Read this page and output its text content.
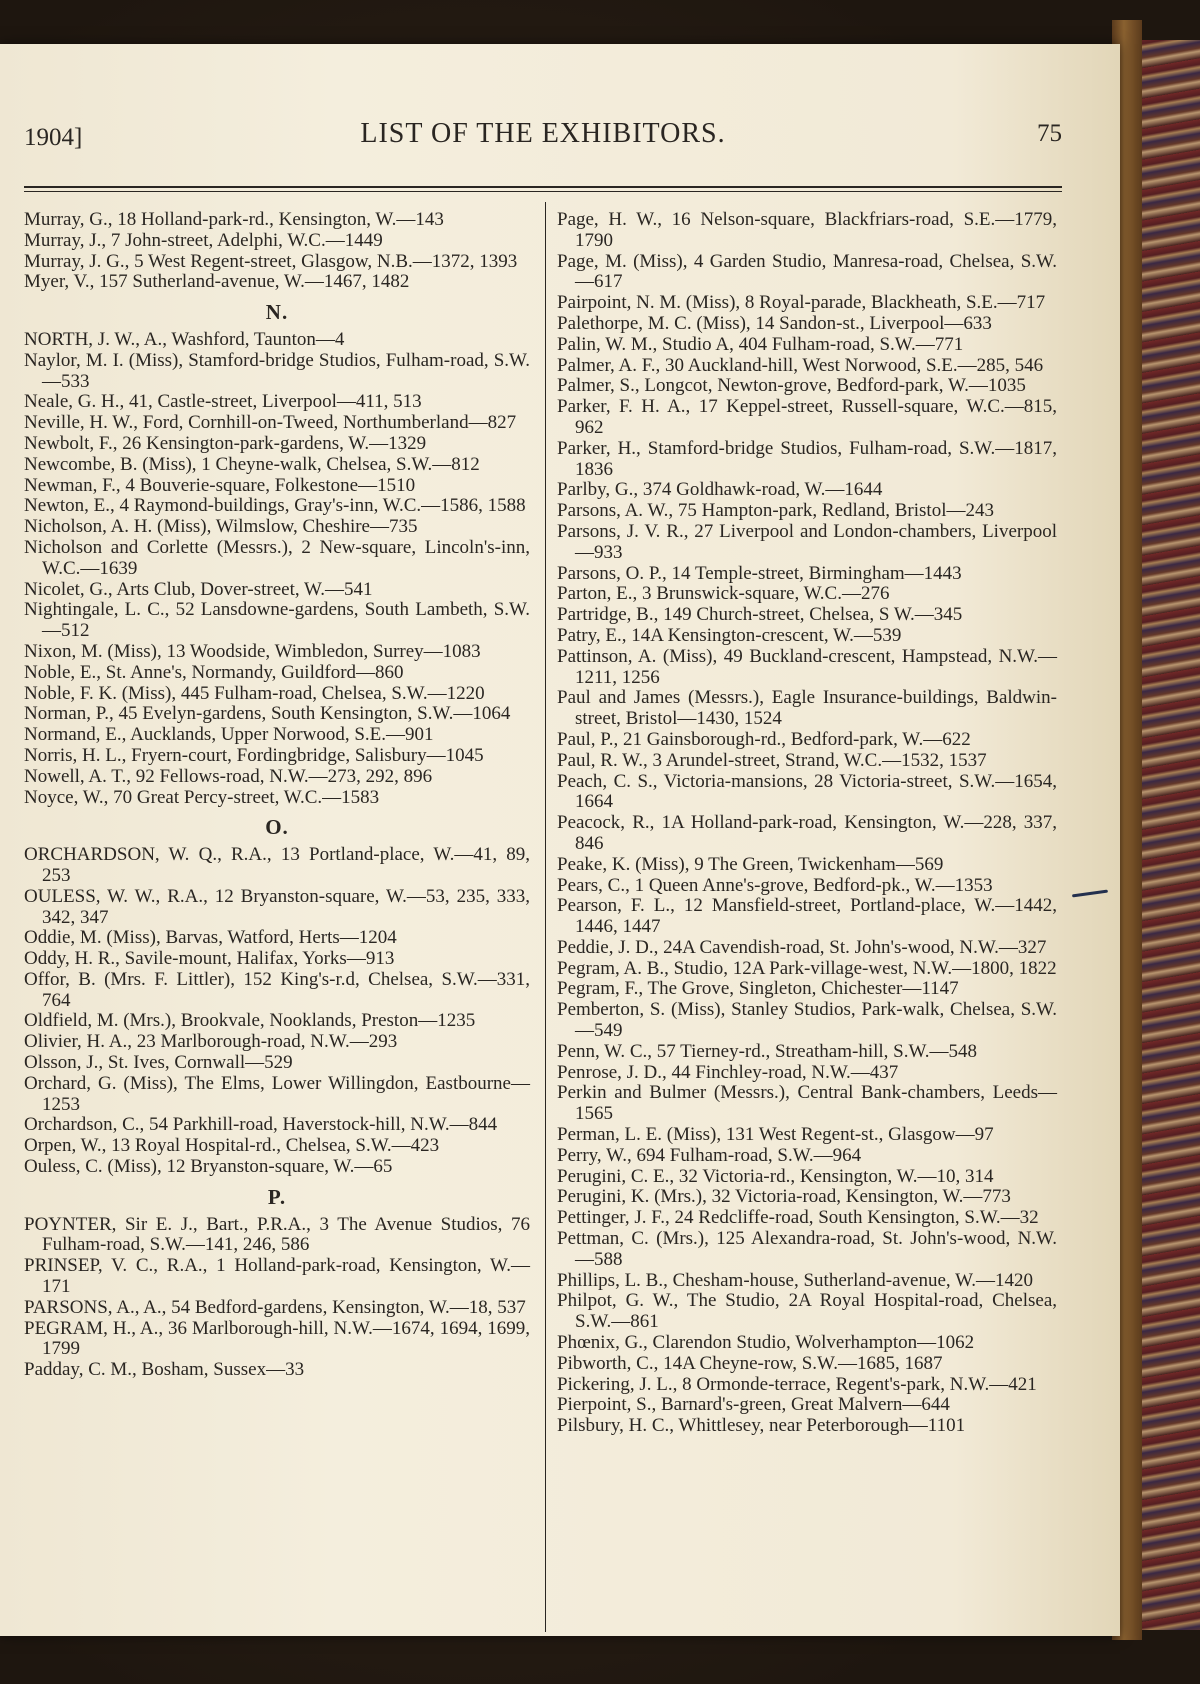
1904]	LIST OF THE EXHIBITORS.	75
Murray, G., 18 Holland-park-rd., Kensington, W.—143
Murray, J., 7 John-street, Adelphi, W.C.—1449
Murray, J. G., 5 West Regent-street, Glasgow, N.B.—1372, 1393
Myer, V., 157 Sutherland-avenue, W.—1467, 1482
N.
NORTH, J. W., A., Washford, Taunton—4
Naylor, M. I. (Miss), Stamford-bridge Studios, Fulham-road, S.W.—533
Neale, G. H., 41, Castle-street, Liverpool—411, 513
Neville, H. W., Ford, Cornhill-on-Tweed, Northumberland—827
Newbolt, F., 26 Kensington-park-gardens, W.—1329
Newcombe, B. (Miss), 1 Cheyne-walk, Chelsea, S.W.—812
Newman, F., 4 Bouverie-square, Folkestone—1510
Newton, E., 4 Raymond-buildings, Gray's-inn, W.C.—1586, 1588
Nicholson, A. H. (Miss), Wilmslow, Cheshire—735
Nicholson and Corlette (Messrs.), 2 New-square, Lincoln's-inn, W.C.—1639
Nicolet, G., Arts Club, Dover-street, W.—541
Nightingale, L. C., 52 Lansdowne-gardens, South Lambeth, S.W.—512
Nixon, M. (Miss), 13 Woodside, Wimbledon, Surrey—1083
Noble, E., St. Anne's, Normandy, Guildford—860
Noble, F. K. (Miss), 445 Fulham-road, Chelsea, S.W.—1220
Norman, P., 45 Evelyn-gardens, South Kensington, S.W.—1064
Normand, E., Aucklands, Upper Norwood, S.E.—901
Norris, H. L., Fryern-court, Fordingbridge, Salisbury—1045
Nowell, A. T., 92 Fellows-road, N.W.—273, 292, 896
Noyce, W., 70 Great Percy-street, W.C.—1583
O.
ORCHARDSON, W. Q., R.A., 13 Portland-place, W.—41, 89, 253
OULESS, W. W., R.A., 12 Bryanston-square, W.—53, 235, 333, 342, 347
Oddie, M. (Miss), Barvas, Watford, Herts—1204
Oddy, H. R., Savile-mount, Halifax, Yorks—913
Offor, B. (Mrs. F. Littler), 152 King's-r.d, Chelsea, S.W.—331, 764
Oldfield, M. (Mrs.), Brookvale, Nooklands, Preston—1235
Olivier, H. A., 23 Marlborough-road, N.W.—293
Olsson, J., St. Ives, Cornwall—529
Orchard, G. (Miss), The Elms, Lower Willingdon, Eastbourne—1253
Orchardson, C., 54 Parkhill-road, Haverstock-hill, N.W.—844
Orpen, W., 13 Royal Hospital-rd., Chelsea, S.W.—423
Ouless, C. (Miss), 12 Bryanston-square, W.—65
P.
POYNTER, Sir E. J., Bart., P.R.A., 3 The Avenue Studios, 76 Fulham-road, S.W.—141, 246, 586
PRINSEP, V. C., R.A., 1 Holland-park-road, Kensington, W.—171
PARSONS, A., A., 54 Bedford-gardens, Kensington, W.—18, 537
PEGRAM, H., A., 36 Marlborough-hill, N.W.—1674, 1694, 1699, 1799
Padday, C. M., Bosham, Sussex—33
Page, H. W., 16 Nelson-square, Blackfriars-road, S.E.—1779, 1790
Page, M. (Miss), 4 Garden Studio, Manresa-road, Chelsea, S.W.—617
Pairpoint, N. M. (Miss), 8 Royal-parade, Blackheath, S.E.—717
Palethorpe, M. C. (Miss), 14 Sandon-st., Liverpool—633
Palin, W. M., Studio A, 404 Fulham-road, S.W.—771
Palmer, A. F., 30 Auckland-hill, West Norwood, S.E.—285, 546
Palmer, S., Longcot, Newton-grove, Bedford-park, W.—1035
Parker, F. H. A., 17 Keppel-street, Russell-square, W.C.—815, 962
Parker, H., Stamford-bridge Studios, Fulham-road, S.W.—1817, 1836
Parlby, G., 374 Goldhawk-road, W.—1644
Parsons, A. W., 75 Hampton-park, Redland, Bristol—243
Parsons, J. V. R., 27 Liverpool and London-chambers, Liverpool—933
Parsons, O. P., 14 Temple-street, Birmingham—1443
Parton, E., 3 Brunswick-square, W.C.—276
Partridge, B., 149 Church-street, Chelsea, S W.—345
Patry, E., 14A Kensington-crescent, W.—539
Pattinson, A. (Miss), 49 Buckland-crescent, Hampstead, N.W.—1211, 1256
Paul and James (Messrs.), Eagle Insurance-buildings, Baldwin-street, Bristol—1430, 1524
Paul, P., 21 Gainsborough-rd., Bedford-park, W.—622
Paul, R. W., 3 Arundel-street, Strand, W.C.—1532, 1537
Peach, C. S., Victoria-mansions, 28 Victoria-street, S.W.—1654, 1664
Peacock, R., 1A Holland-park-road, Kensington, W.—228, 337, 846
Peake, K. (Miss), 9 The Green, Twickenham—569
Pears, C., 1 Queen Anne's-grove, Bedford-pk., W.—1353
Pearson, F. L., 12 Mansfield-street, Portland-place, W.—1442, 1446, 1447
Peddie, J. D., 24A Cavendish-road, St. John's-wood, N.W.—327
Pegram, A. B., Studio, 12A Park-village-west, N.W.—1800, 1822
Pegram, F., The Grove, Singleton, Chichester—1147
Pemberton, S. (Miss), Stanley Studios, Park-walk, Chelsea, S.W.—549
Penn, W. C., 57 Tierney-rd., Streatham-hill, S.W.—548
Penrose, J. D., 44 Finchley-road, N.W.—437
Perkin and Bulmer (Messrs.), Central Bank-chambers, Leeds—1565
Perman, L. E. (Miss), 131 West Regent-st., Glasgow—97
Perry, W., 694 Fulham-road, S.W.—964
Perugini, C. E., 32 Victoria-rd., Kensington, W.—10, 314
Perugini, K. (Mrs.), 32 Victoria-road, Kensington, W.—773
Pettinger, J. F., 24 Redcliffe-road, South Kensington, S.W.—32
Pettman, C. (Mrs.), 125 Alexandra-road, St. John's-wood, N.W.—588
Phillips, L. B., Chesham-house, Sutherland-avenue, W.—1420
Philpot, G. W., The Studio, 2A Royal Hospital-road, Chelsea, S.W.—861
Phœnix, G., Clarendon Studio, Wolverhampton—1062
Pibworth, C., 14A Cheyne-row, S.W.—1685, 1687
Pickering, J. L., 8 Ormonde-terrace, Regent's-park, N.W.—421
Pierpoint, S., Barnard's-green, Great Malvern—644
Pilsbury, H. C., Whittlesey, near Peterborough—1101
